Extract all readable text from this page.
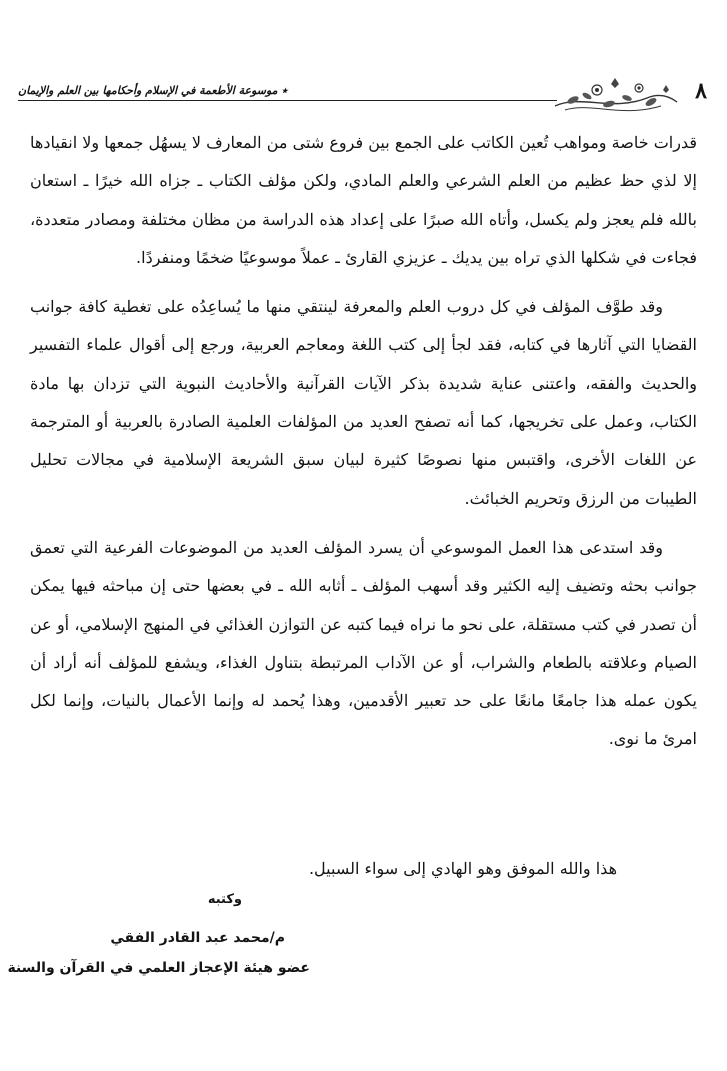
٨
٭ موسوعة الأطعمة في الإسلام وأحكامها بين العلم والإيمان

قدرات خاصة ومواهب تُعين الكاتب على الجمع بين فروع شتى من المعارف لا يسهُل جمعها ولا انقيادها إلا لذي حظ عظيم من العلم الشرعي والعلم المادي، ولكن مؤلف الكتاب ـ جزاه الله خيرًا ـ استعان بالله فلم يعجز ولم يكسل، وأتاه الله صبرًا على إعداد هذه الدراسة من مظان مختلفة ومصادر متعددة، فجاءت في شكلها الذي تراه بين يديك ـ عزيزي القارئ ـ عملاً موسوعيًا ضخمًا ومنفردًا.

وقد طوَّف المؤلف في كل دروب العلم والمعرفة لينتقي منها ما يُساعِدُه على تغطية كافة جوانب القضايا التي آثارها في كتابه، فقد لجأ إلى كتب اللغة ومعاجم العربية، ورجع إلى أقوال علماء التفسير والحديث والفقه، واعتنى عناية شديدة بذكر الآيات القرآنية والأحاديث النبوية التي تزدان بها مادة الكتاب، وعمل على تخريجها، كما أنه تصفح العديد من المؤلفات العلمية الصادرة بالعربية أو المترجمة عن اللغات الأخرى، واقتبس منها نصوصًا كثيرة لبيان سبق الشريعة الإسلامية في مجالات تحليل الطيبات من الرزق وتحريم الخبائث.

وقد استدعى هذا العمل الموسوعي أن يسرد المؤلف العديد من الموضوعات الفرعية التي تعمق جوانب بحثه وتضيف إليه الكثير وقد أسهب المؤلف ـ أثابه الله ـ في بعضها حتى إن مباحثه فيها يمكن أن تصدر في كتب مستقلة، على نحو ما نراه فيما كتبه عن التوازن الغذائي في المنهج الإسلامي، أو عن الصيام وعلاقته بالطعام والشراب، أو عن الآداب المرتبطة بتناول الغذاء، ويشفع للمؤلف أنه أراد أن يكون عمله هذا جامعًا مانعًا على حد تعبير الأقدمين، وهذا يُحمد له وإنما الأعمال بالنيات، وإنما لكل امرئ ما نوى.

هذا والله الموفق وهو الهادي إلى سواء السبيل.
وكتبه
م/محمد عبد القادر الفقي
عضو هيئة الإعجاز العلمي في القرآن والسنة
